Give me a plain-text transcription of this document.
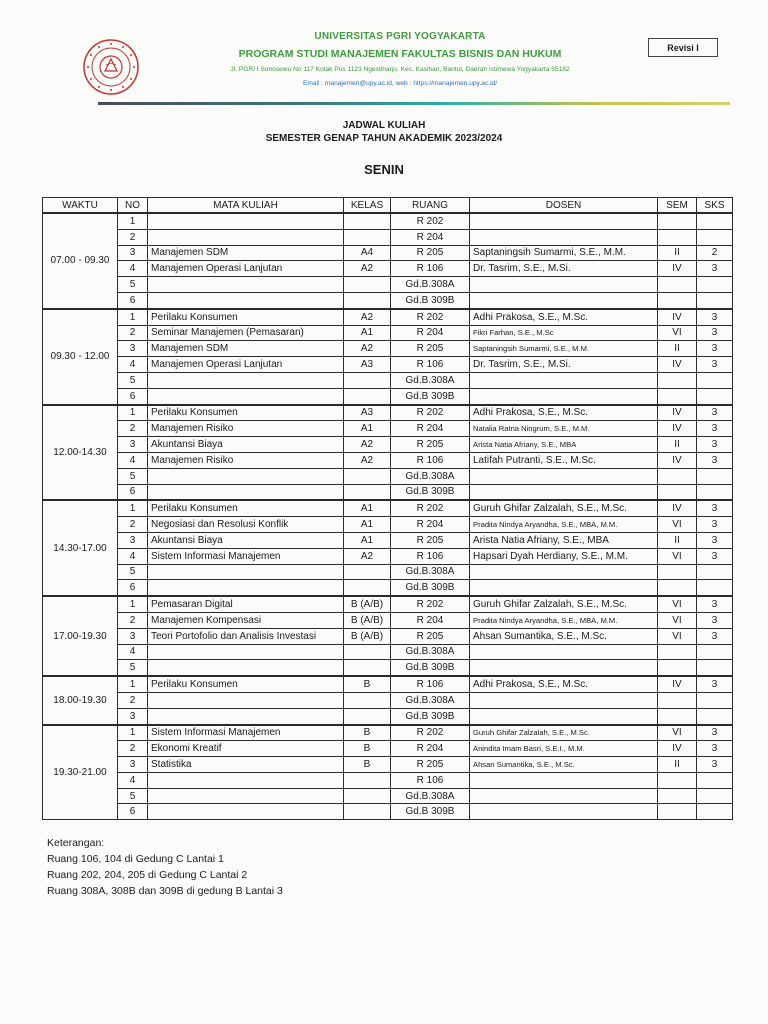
UNIVERSITAS PGRI YOGYAKARTA
PROGRAM STUDI MANAJEMEN FAKULTAS BISNIS DAN HUKUM
Jl. PGRI I Sonosewu No 117 Kotak Pos 1123 Ngestiharjo, Kec. Kasihan, Bantul, Daerah Istimewa Yogyakarta 55182
Email : manajemen@upy.ac.id, web : https://manajemen.upy.ac.id/
Revisi I
JADWAL KULIAH
SEMESTER GENAP TAHUN AKADEMIK 2023/2024
SENIN
WAKTU	NO	MATA KULIAH	KELAS	RUANG	DOSEN	SEM	SKS
07.00 - 09.30	1			R 202			
	2			R 204			
	3	Manajemen SDM	A4	R 205	Saptaningsih Sumarmi, S.E., M.M.	II	2
	4	Manajemen Operasi Lanjutan	A2	R 106	Dr. Tasrim, S.E., M.Si.	IV	3
	5			Gd.B.308A			
	6			Gd.B 309B			
09.30 - 12.00	1	Perilaku Konsumen	A2	R 202	Adhi Prakosa, S.E., M.Sc.	IV	3
	2	Seminar Manajemen (Pemasaran)	A1	R 204	Fikri Farhan, S.E., M.Sc	VI	3
	3	Manajemen SDM	A2	R 205	Saptaningsih Sumarmi, S.E., M.M.	II	3
	4	Manajemen Operasi Lanjutan	A3	R 106	Dr. Tasrim, S.E., M.Si.	IV	3
	5			Gd.B.308A			
	6			Gd.B 309B			
12.00-14.30	1	Perilaku Konsumen	A3	R 202	Adhi Prakosa, S.E., M.Sc.	IV	3
	2	Manajemen Risiko	A1	R 204	Natalia Ratna Ningrum, S.E., M.M.	IV	3
	3	Akuntansi Biaya	A2	R 205	Arista Natia Afriany, S.E., MBA	II	3
	4	Manajemen Risiko	A2	R 106	Latifah Putranti, S.E., M.Sc.	IV	3
	5			Gd.B.308A			
	6			Gd.B 309B			
14.30-17.00	1	Perilaku Konsumen	A1	R 202	Guruh Ghifar Zalzalah, S.E., M.Sc.	IV	3
	2	Negosiasi dan Resolusi Konflik	A1	R 204	Pradita Nindya Aryandha, S.E., MBA, M.M.	VI	3
	3	Akuntansi Biaya	A1	R 205	Arista Natia Afriany, S.E., MBA	II	3
	4	Sistem Informasi Manajemen	A2	R 106	Hapsari Dyah Herdiany, S.E., M.M.	VI	3
	5			Gd.B.308A			
	6			Gd.B 309B			
17.00-19.30	1	Pemasaran Digital	B (A/B)	R 202	Guruh Ghifar Zalzalah, S.E., M.Sc.	VI	3
	2	Manajemen Kompensasi	B (A/B)	R 204	Pradita Nindya Aryandha, S.E., MBA, M.M.	VI	3
	3	Teori Portofolio dan Analisis Investasi	B (A/B)	R 205	Ahsan Sumantika, S.E., M.Sc.	VI	3
	4			Gd.B.308A			
	5			Gd.B 309B			
18.00-19.30	1	Perilaku Konsumen	B	R 106	Adhi Prakosa, S.E., M.Sc.	IV	3
	2			Gd.B.308A			
	3			Gd.B 309B			
19.30-21.00	1	Sistem Informasi Manajemen	B	R 202	Guruh Ghifar Zalzalah, S.E., M.Sc.	VI	3
	2	Ekonomi Kreatif	B	R 204	Anindita Imam Basri, S.E.I., M.M.	IV	3
	3	Statistika	B	R 205	Ahsan Sumantika, S.E., M.Sc.	II	3
	4			R 106			
	5			Gd.B.308A			
	6			Gd.B 309B			
Keterangan:
Ruang 106, 104 di Gedung C Lantai 1
Ruang 202, 204, 205 di Gedung C Lantai 2
Ruang 308A, 308B dan 309B di gedung B Lantai 3
